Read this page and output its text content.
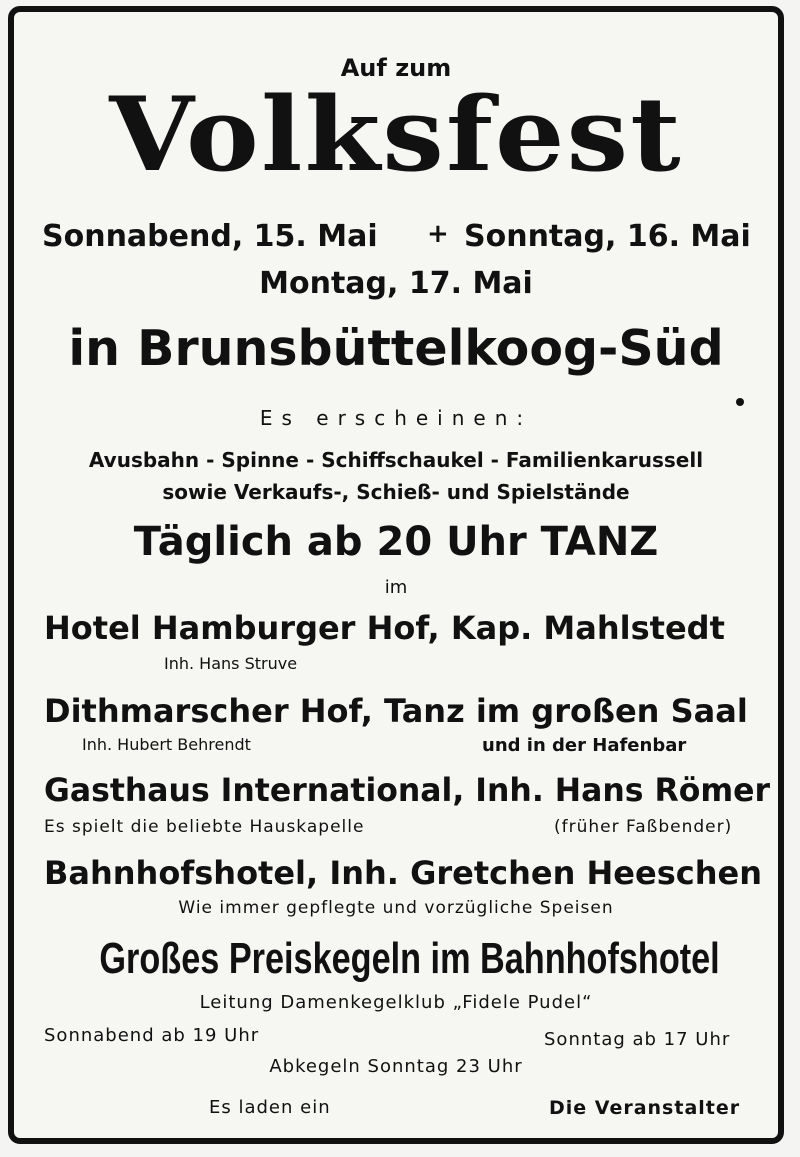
Auf zum
Volksfest
Sonnabend, 15. Mai + Sonntag, 16. Mai
Montag, 17. Mai
in Brunsbüttelkoog-Süd
Es erscheinen:
Avusbahn - Spinne - Schiffschaukel - Familienkarussell
sowie Verkaufs-, Schieß- und Spielstände
Täglich ab 20 Uhr TANZ
im
Hotel Hamburger Hof, Kap. Mahlstedt
Inh. Hans Struve
Dithmarscher Hof, Tanz im großen Saal
Inh. Hubert Behrendt	und in der Hafenbar
Gasthaus International, Inh. Hans Römer
Es spielt die beliebte Hauskapelle	(früher Faßbender)
Bahnhofshotel, Inh. Gretchen Heeschen
Wie immer gepflegte und vorzügliche Speisen
Großes Preiskegeln im Bahnhofshotel
Leitung Damenkegelklub „Fidele Pudel“
Sonnabend ab 19 Uhr	Sonntag ab 17 Uhr
Abkegeln Sonntag 23 Uhr
Es laden ein	Die Veranstalter
